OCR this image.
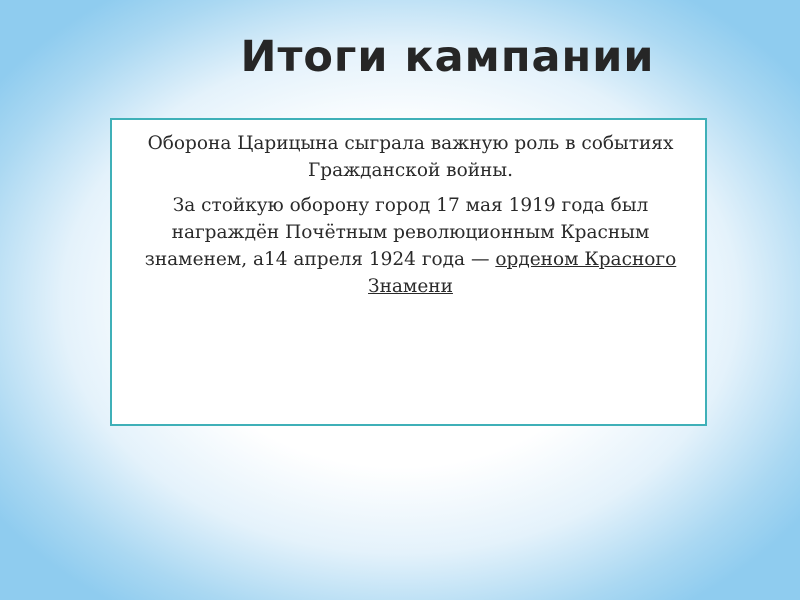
Итоги кампании

Оборона Царицына сыграла важную роль в событиях Гражданской войны.

За стойкую оборону город 17 мая 1919 года был награждён Почётным революционным Красным знаменем, а14 апреля 1924 года — орденом Красного Знамени
